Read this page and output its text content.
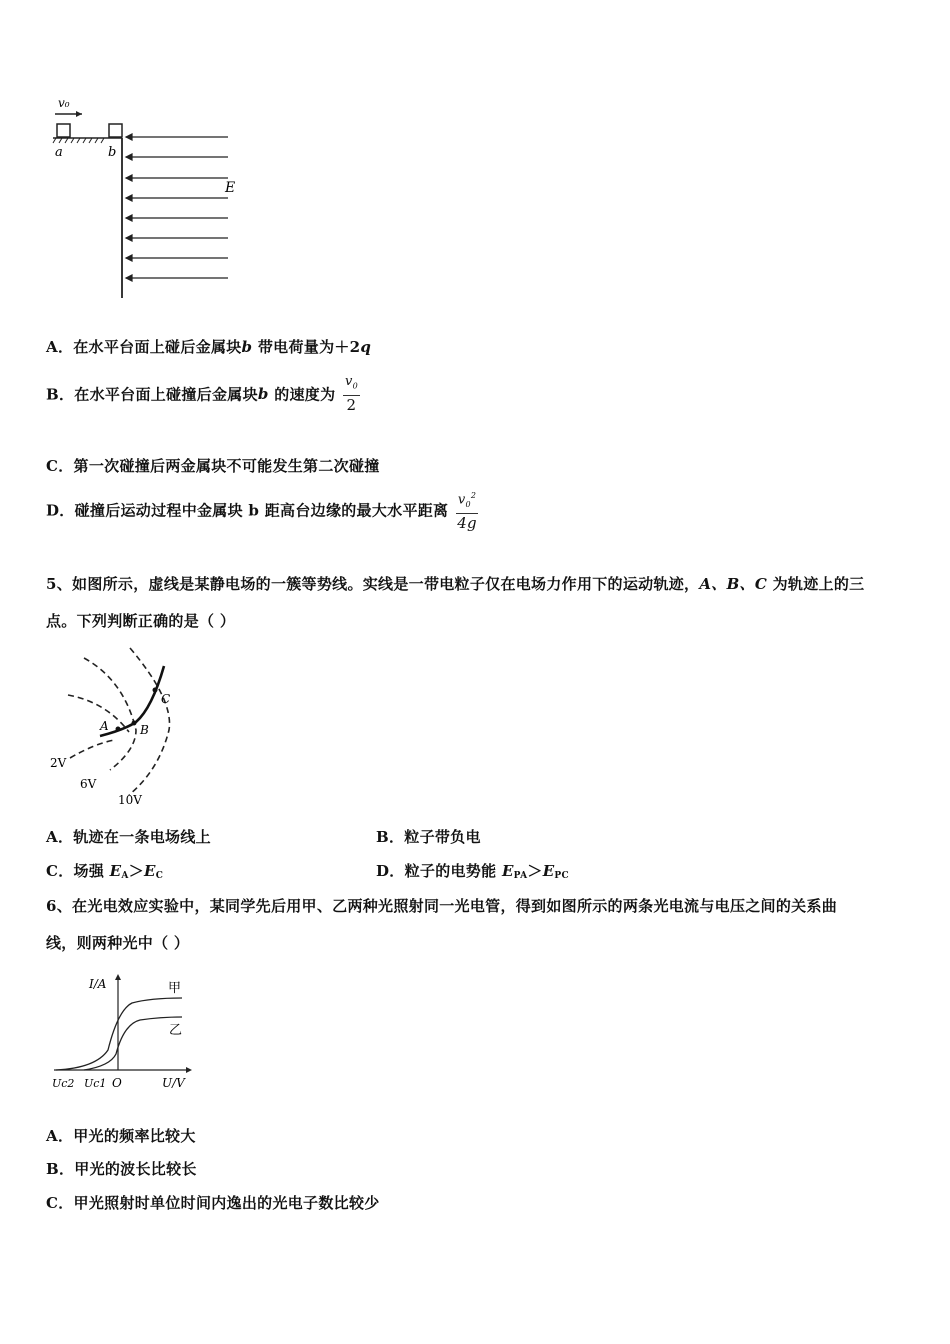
v₀
a	b
E
A．在水平台面上碰后金属块b 带电荷量为＋2q
B．在水平台面上碰撞后金属块b 的速度为 $\frac{v_0}{2}$
C．第一次碰撞后两金属块不可能发生第二次碰撞
D．碰撞后运动过程中金属块 b 距高台边缘的最大水平距离 $\frac{v_0^2}{4g}$
5、如图所示，虚线是某静电场的一簇等势线。实线是一带电粒子仅在电场力作用下的运动轨迹，A、B、C 为轨迹上的三
点。下列判断正确的是（ ）
A	B
C
2V
6V
10V
A．轨迹在一条电场线上	B．粒子带负电
C．场强 $E_A>E_C$	D．粒子的电势能 $E_{PA}>E_{PC}$
6、在光电效应实验中，某同学先后用甲、乙两种光照射同一光电管，得到如图所示的两条光电流与电压之间的关系曲
线，则两种光中（ ）
I/A	甲
乙
Uc2 Uc1 O	U/V
A．甲光的频率比较大
B．甲光的波长比较长
C．甲光照射时单位时间内逸出的光电子数比较少
